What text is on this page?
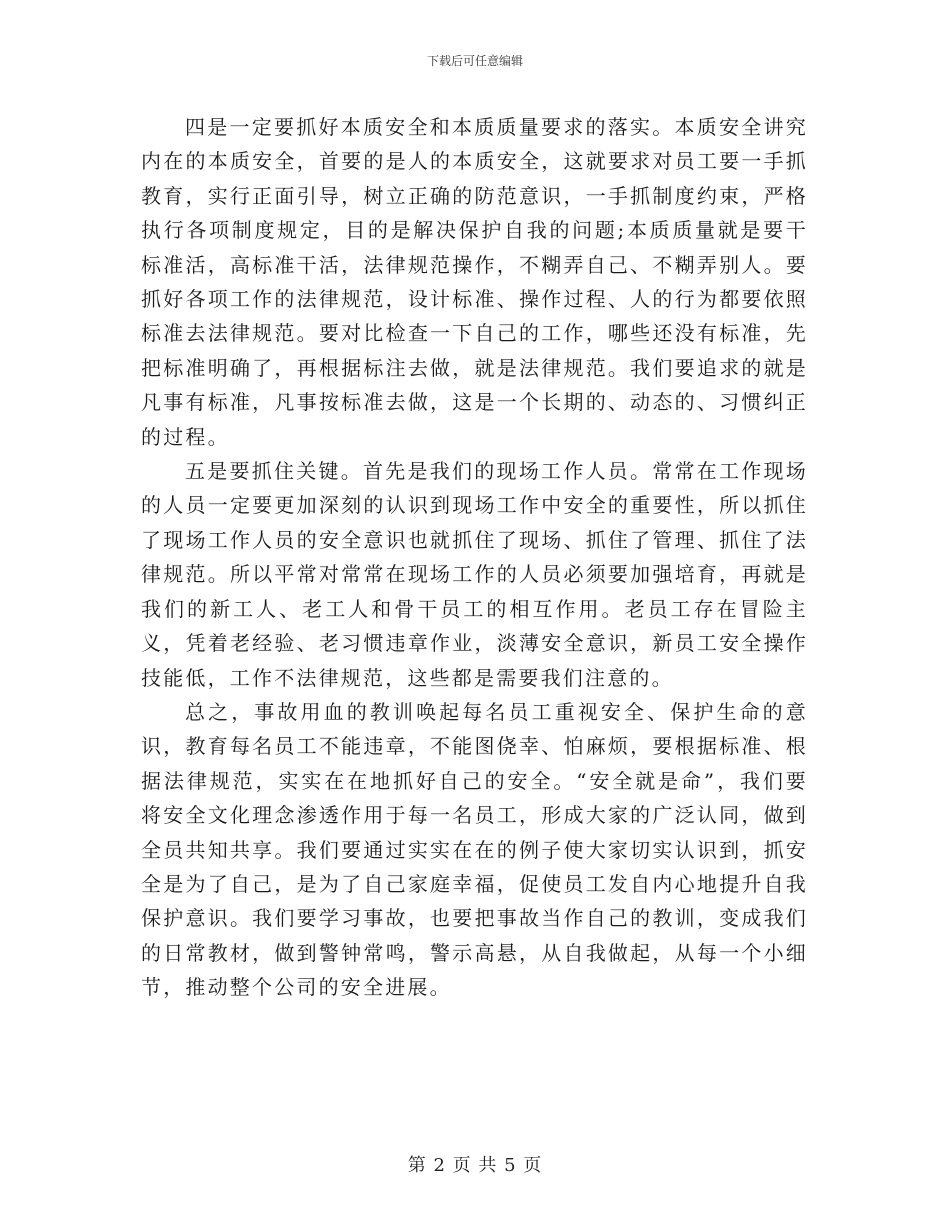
下载后可任意编辑

四是一定要抓好本质安全和本质质量要求的落实。本质安全讲究内在的本质安全，首要的是人的本质安全，这就要求对员工要一手抓教育，实行正面引导，树立正确的防范意识，一手抓制度约束，严格执行各项制度规定，目的是解决保护自我的问题;本质质量就是要干标准活，高标准干活，法律规范操作，不糊弄自己、不糊弄别人。要抓好各项工作的法律规范，设计标准、操作过程、人的行为都要依照标准去法律规范。要对比检查一下自己的工作，哪些还没有标准，先把标准明确了，再根据标注去做，就是法律规范。我们要追求的就是凡事有标准，凡事按标准去做，这是一个长期的、动态的、习惯纠正的过程。

五是要抓住关键。首先是我们的现场工作人员。常常在工作现场的人员一定要更加深刻的认识到现场工作中安全的重要性，所以抓住了现场工作人员的安全意识也就抓住了现场、抓住了管理、抓住了法律规范。所以平常对常常在现场工作的人员必须要加强培育，再就是我们的新工人、老工人和骨干员工的相互作用。老员工存在冒险主义，凭着老经验、老习惯违章作业，淡薄安全意识，新员工安全操作技能低，工作不法律规范，这些都是需要我们注意的。

总之，事故用血的教训唤起每名员工重视安全、保护生命的意识，教育每名员工不能违章，不能图侥幸、怕麻烦，要根据标准、根据法律规范，实实在在地抓好自己的安全。“安全就是命”，我们要将安全文化理念渗透作用于每一名员工，形成大家的广泛认同，做到全员共知共享。我们要通过实实在在的例子使大家切实认识到，抓安全是为了自己，是为了自己家庭幸福，促使员工发自内心地提升自我保护意识。我们要学习事故，也要把事故当作自己的教训，变成我们的日常教材，做到警钟常鸣，警示高悬，从自我做起，从每一个小细节，推动整个公司的安全进展。

第 2 页 共 5 页
